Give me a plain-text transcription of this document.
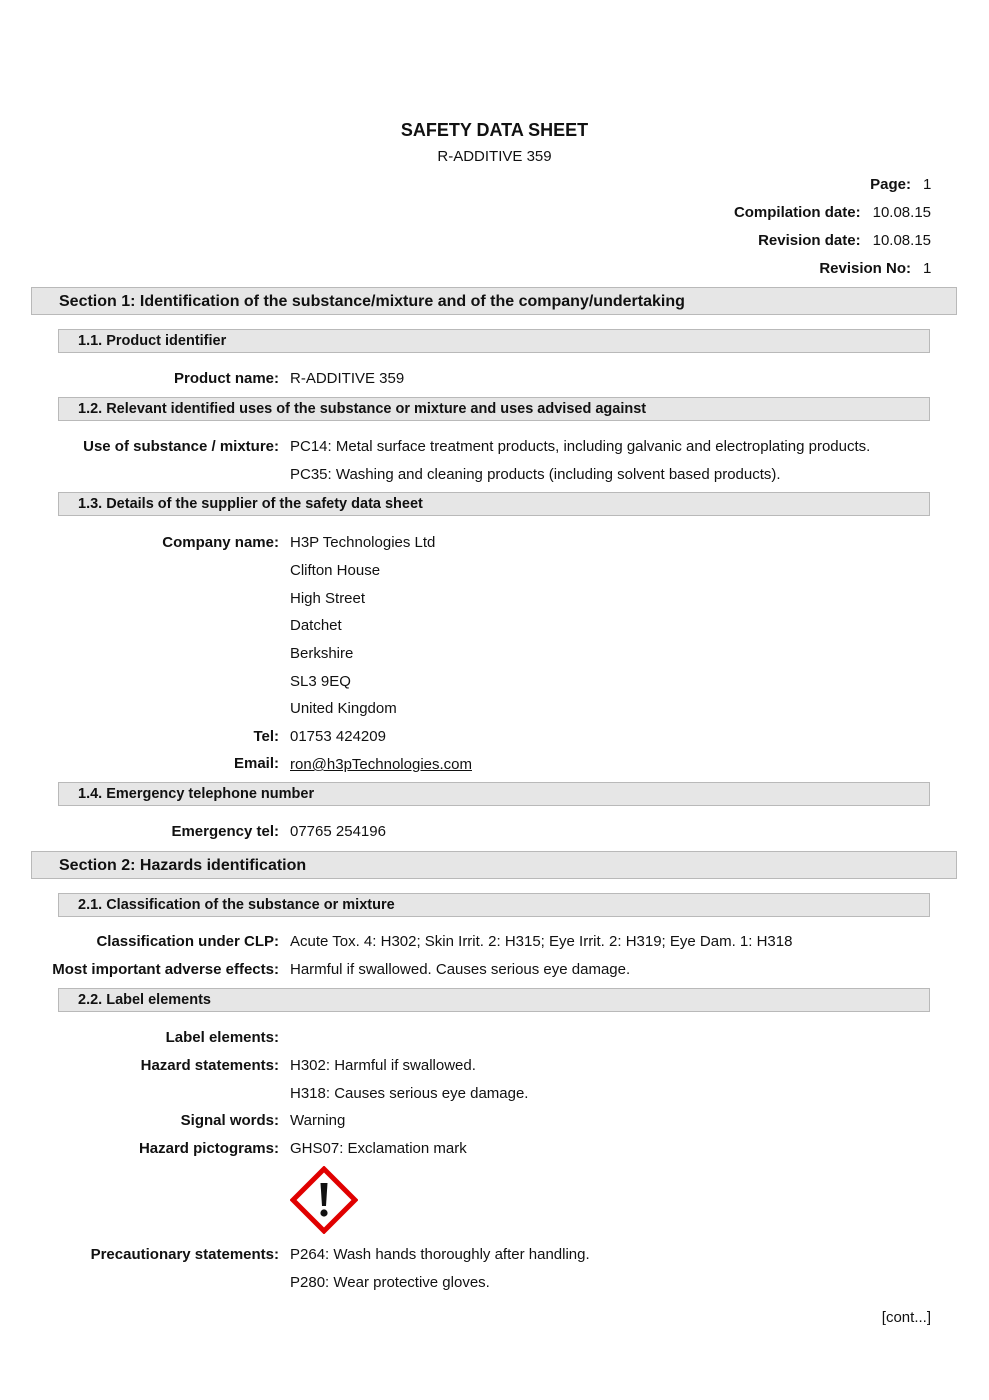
SAFETY DATA SHEET
R-ADDITIVE 359
Page: 1
Compilation date: 10.08.15
Revision date: 10.08.15
Revision No: 1
Section 1: Identification of the substance/mixture and of the company/undertaking
1.1. Product identifier
Product name: R-ADDITIVE 359
1.2. Relevant identified uses of the substance or mixture and uses advised against
Use of substance / mixture: PC14: Metal surface treatment products, including galvanic and electroplating products.
PC35: Washing and cleaning products (including solvent based products).
1.3. Details of the supplier of the safety data sheet
Company name: H3P Technologies Ltd
Clifton House
High Street
Datchet
Berkshire
SL3 9EQ
United Kingdom
Tel: 01753 424209
Email: ron@h3pTechnologies.com
1.4. Emergency telephone number
Emergency tel: 07765 254196
Section 2: Hazards identification
2.1. Classification of the substance or mixture
Classification under CLP: Acute Tox. 4: H302; Skin Irrit. 2: H315; Eye Irrit. 2: H319; Eye Dam. 1: H318
Most important adverse effects: Harmful if swallowed. Causes serious eye damage.
2.2. Label elements
Label elements:
Hazard statements: H302: Harmful if swallowed.
H318: Causes serious eye damage.
Signal words: Warning
Hazard pictograms: GHS07: Exclamation mark
Precautionary statements: P264: Wash hands thoroughly after handling.
P280: Wear protective gloves.
[cont...]
